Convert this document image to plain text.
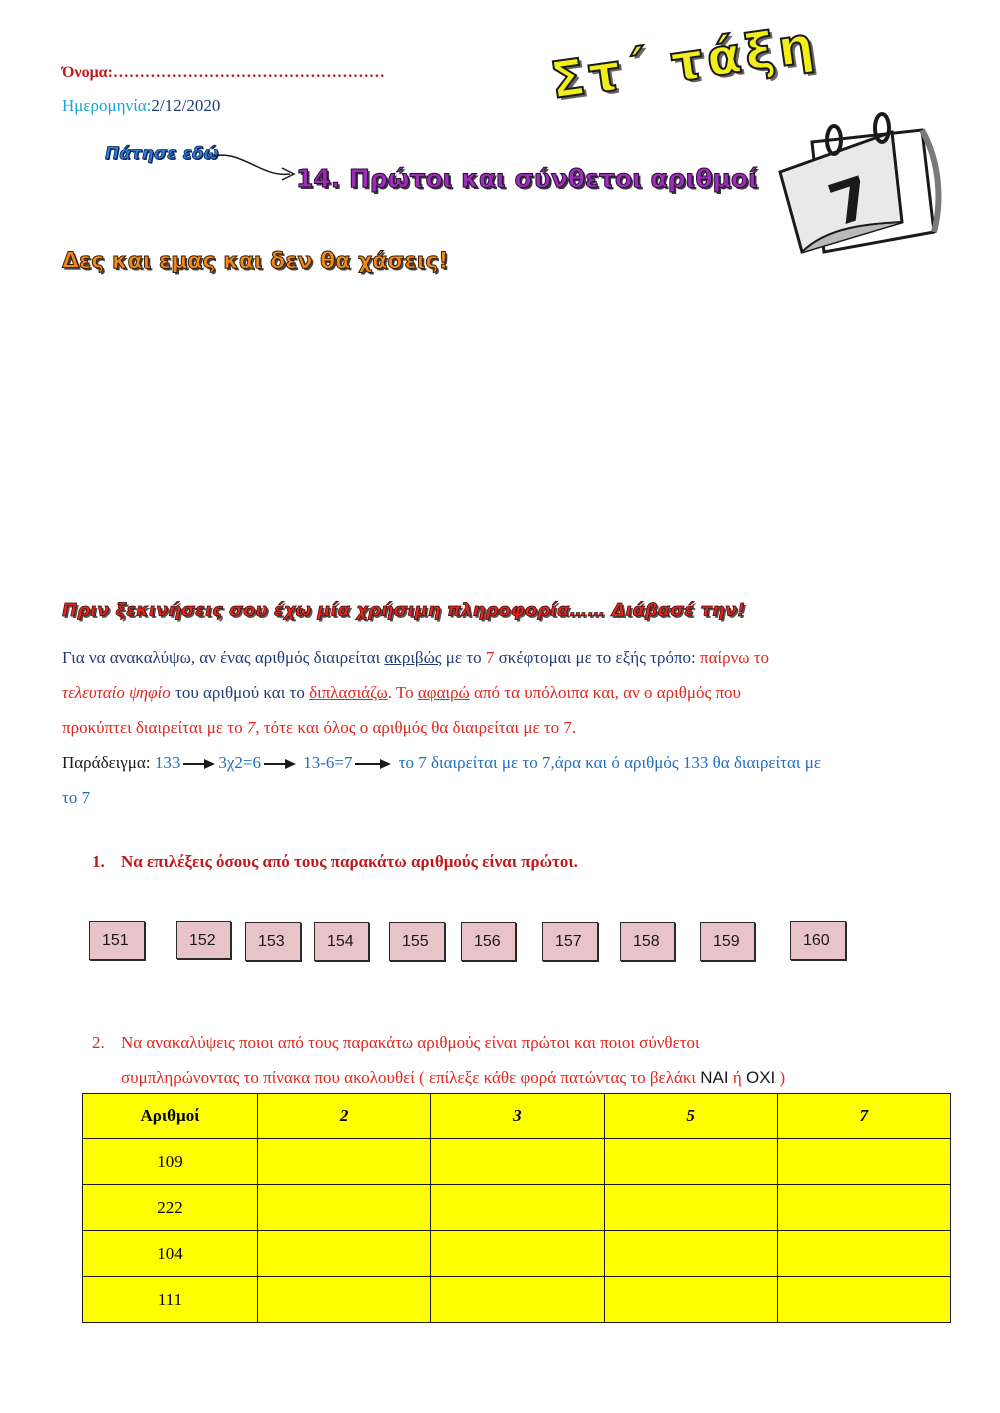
Όνομα:……………………………………………
Ημερομηνία:2/12/2020	Στ΄ τάξη
7
Πάτησε εδώ
14. Πρώτοι και σύνθετοι αριθμοί
Δες και εμας και δεν θα χάσεις!
Πριν ξεκινήσεις σου έχω μία χρήσιμη πληροφορία…… Διάβασέ την!
Για να ανακαλύψω, αν ένας αριθμός διαιρείται ακριβώς με το 7 σκέφτομαι με το εξής τρόπο: παίρνω το
τελευταίο ψηφίο του αριθμού και το διπλασιάζω. Το αφαιρώ από τα υπόλοιπα και, αν ο αριθμός που
προκύπτει διαιρείται με το 7, τότε και όλος ο αριθμός θα διαιρείται με το 7.
Παράδειγμα: 133 3χ2=6 13-6=7	το 7 διαιρείται με το 7,άρα και ό αριθμός 133 θα διαιρείται με
το 7
1. Να επιλέξεις όσους από τους παρακάτω αριθμούς είναι πρώτοι.
151	152	153	154	155	156	157	158	159	160
2. Να ανακαλύψεις ποιοι από τους παρακάτω αριθμούς είναι πρώτοι και ποιοι σύνθετοι
συμπληρώνοντας το πίνακα που ακολουθεί ( επίλεξε κάθε φορά πατώντας το βελάκι ΝΑΙ ή ΟΧΙ )
Αριθμοί	2	3	5	7
109				
222				
104				
111				
